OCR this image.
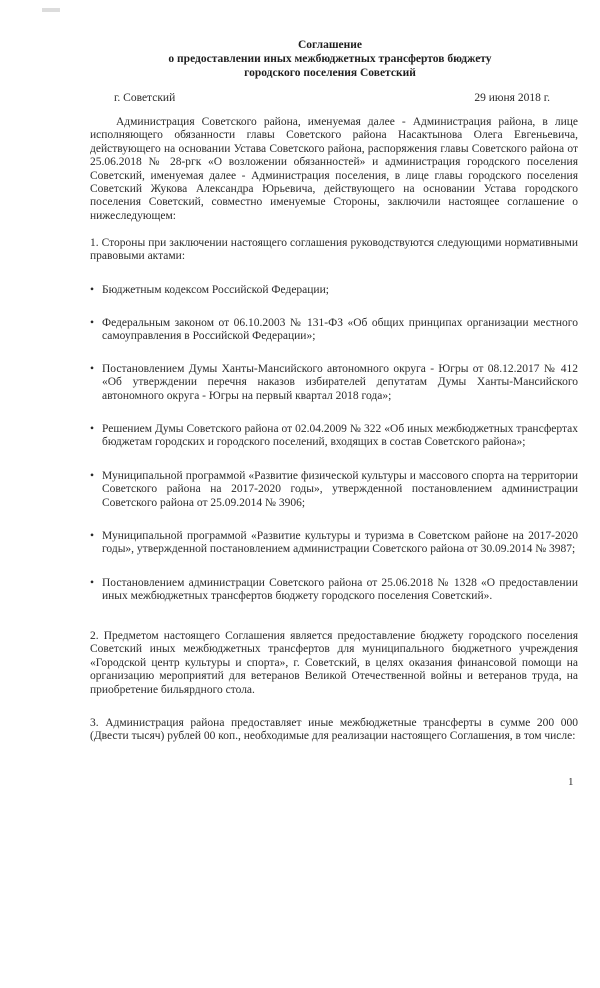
Соглашение
о предоставлении иных межбюджетных трансфертов бюджету
городского поселения Советский
г. Советский	29 июня 2018 г.

Администрация Советского района, именуемая далее - Администрация района, в лице исполняющего обязанности главы Советского района Насактынова Олега Евгеньевича, действующего на основании Устава Советского района, распоряжения главы Советского района от 25.06.2018 № 28-ргк «О возложении обязанностей» и администрация городского поселения Советский, именуемая далее - Администрация поселения, в лице главы городского поселения Советский Жукова Александра Юрьевича, действующего на основании Устава городского поселения Советский, совместно именуемые Стороны, заключили настоящее соглашение о нижеследующем:

1. Стороны при заключении настоящего соглашения руководствуются следующими нормативными правовыми актами:

• Бюджетным кодексом Российской Федерации;
• Федеральным законом от 06.10.2003 № 131-ФЗ «Об общих принципах организации местного самоуправления в Российской Федерации»;
• Постановлением Думы Ханты-Мансийского автономного округа - Югры от 08.12.2017 № 412 «Об утверждении перечня наказов избирателей депутатам Думы Ханты-Мансийского автономного округа - Югры на первый квартал 2018 года»;
• Решением Думы Советского района от 02.04.2009 № 322 «Об иных межбюджетных трансфертах бюджетам городских и городского поселений, входящих в состав Советского района»;
• Муниципальной программой «Развитие физической культуры и массового спорта на территории Советского района на 2017-2020 годы», утвержденной постановлением администрации Советского района от 25.09.2014 № 3906;
• Муниципальной программой «Развитие культуры и туризма в Советском районе на 2017-2020 годы», утвержденной постановлением администрации Советского района от 30.09.2014 № 3987;
• Постановлением администрации Советского района от 25.06.2018 № 1328 «О предоставлении иных межбюджетных трансфертов бюджету городского поселения Советский».

2. Предметом настоящего Соглашения является предоставление бюджету городского поселения Советский иных межбюджетных трансфертов для муниципального бюджетного учреждения «Городской центр культуры и спорта», г. Советский, в целях оказания финансовой помощи на организацию мероприятий для ветеранов Великой Отечественной войны и ветеранов труда, на приобретение бильярдного стола.

3. Администрация района предоставляет иные межбюджетные трансферты в сумме 200 000 (Двести тысяч) рублей 00 коп., необходимые для реализации настоящего Соглашения, в том числе:

1
